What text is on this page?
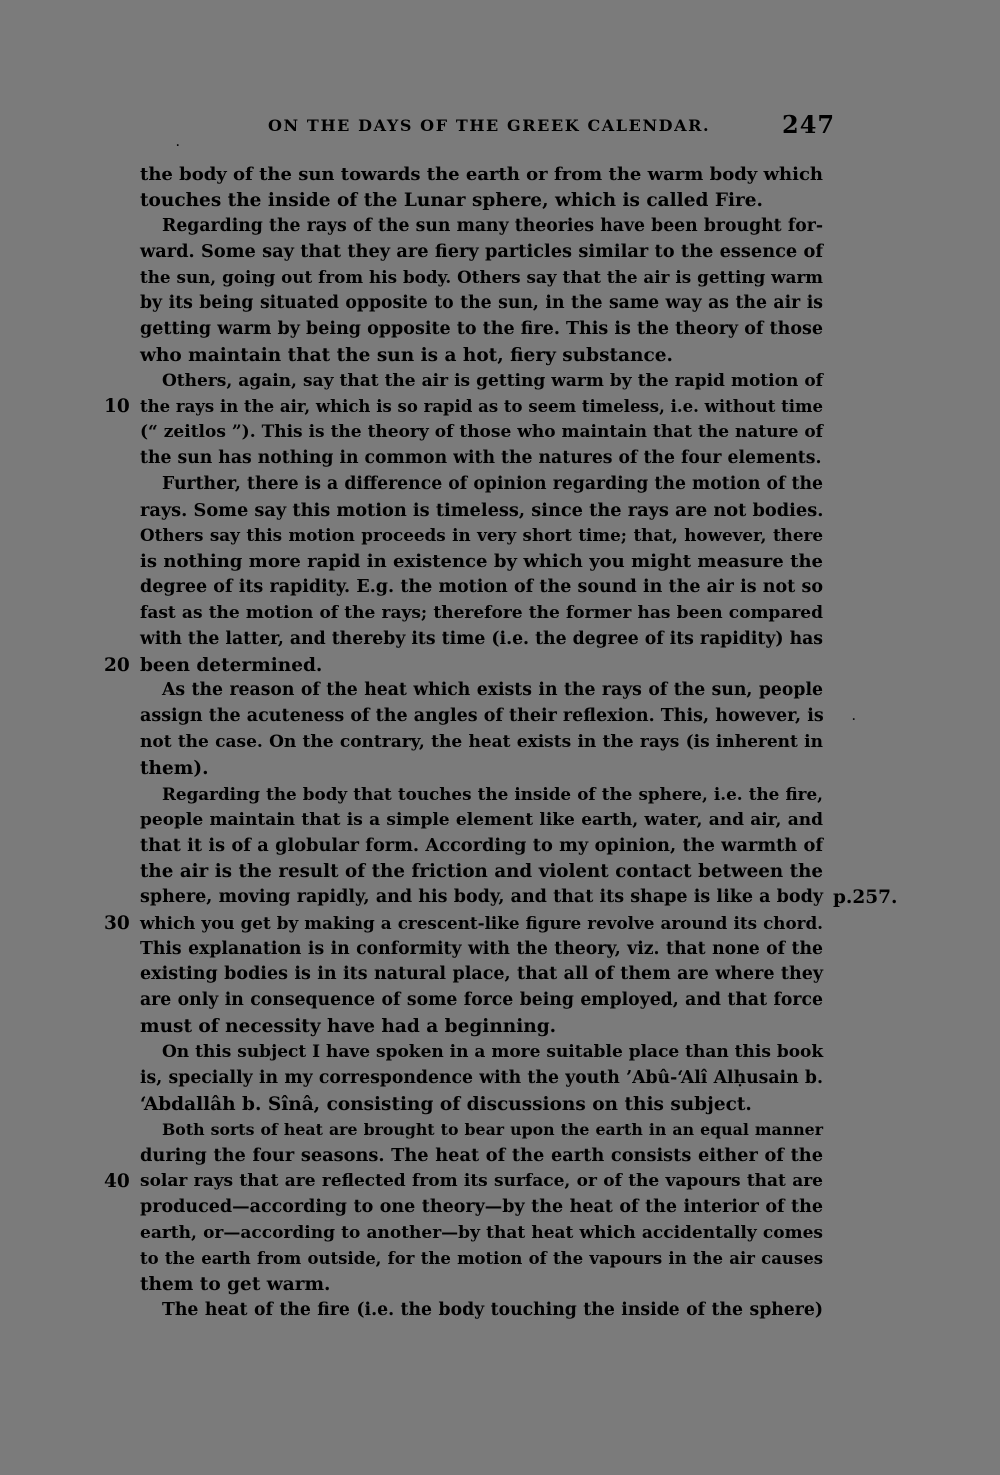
ON THE DAYS OF THE GREEK CALENDAR.	247
.
.
the body of the sun towards the earth or from the warm body which
touches the inside of the Lunar sphere, which is called Fire.
Regarding the rays of the sun many theories have been brought for-
ward. Some say that they are fiery particles similar to the essence of
the sun, going out from his body. Others say that the air is getting warm
by its being situated opposite to the sun, in the same way as the air is
getting warm by being opposite to the fire. This is the theory of those
who maintain that the sun is a hot, fiery substance.
Others, again, say that the air is getting warm by the rapid motion of
the rays in the air, which is so rapid as to seem timeless, i.e. without time
(“ zeitlos ”). This is the theory of those who maintain that the nature of
the sun has nothing in common with the natures of the four elements.
Further, there is a difference of opinion regarding the motion of the
rays. Some say this motion is timeless, since the rays are not bodies.
Others say this motion proceeds in very short time; that, however, there
is nothing more rapid in existence by which you might measure the
degree of its rapidity. E.g. the motion of the sound in the air is not so
fast as the motion of the rays; therefore the former has been compared
with the latter, and thereby its time (i.e. the degree of its rapidity) has
been determined.
As the reason of the heat which exists in the rays of the sun, people
assign the acuteness of the angles of their reflexion. This, however, is
not the case. On the contrary, the heat exists in the rays (is inherent in
them).
Regarding the body that touches the inside of the sphere, i.e. the fire,
people maintain that is a simple element like earth, water, and air, and
that it is of a globular form. According to my opinion, the warmth of
the air is the result of the friction and violent contact between the
sphere, moving rapidly, and his body, and that its shape is like a body
which you get by making a crescent-like figure revolve around its chord.
This explanation is in conformity with the theory, viz. that none of the
existing bodies is in its natural place, that all of them are where they
are only in consequence of some force being employed, and that force
must of necessity have had a beginning.
On this subject I have spoken in a more suitable place than this book
is, specially in my correspondence with the youth ’Abû-‘Alî Alḥusain b.
‘Abdallâh b. Sînâ, consisting of discussions on this subject.
Both sorts of heat are brought to bear upon the earth in an equal manner
during the four seasons. The heat of the earth consists either of the
solar rays that are reflected from its surface, or of the vapours that are
produced—according to one theory—by the heat of the interior of the
earth, or—according to another—by that heat which accidentally comes
to the earth from outside, for the motion of the vapours in the air causes
them to get warm.
The heat of the fire (i.e. the body touching the inside of the sphere)
10
20
30
40
p.257.
